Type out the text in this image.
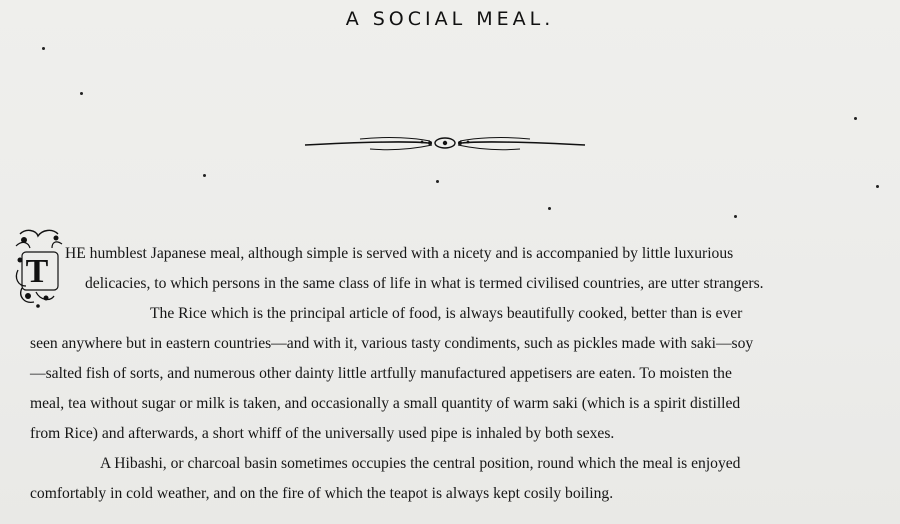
A SOCIAL MEAL.
T HE humblest Japanese meal, although simple is served with a nicety and is accompanied by little luxurious
delicacies, to which persons in the same class of life in what is termed civilised countries, are utter strangers.
The Rice which is the principal article of food, is always beautifully cooked, better than is ever
seen anywhere but in eastern countries—and with it, various tasty condiments, such as pickles made with saki—soy
—salted fish of sorts, and numerous other dainty little artfully manufactured appetisers are eaten. To moisten the
meal, tea without sugar or milk is taken, and occasionally a small quantity of warm saki (which is a spirit distilled
from Rice) and afterwards, a short whiff of the universally used pipe is inhaled by both sexes.
A Hibashi, or charcoal basin sometimes occupies the central position, round which the meal is enjoyed
comfortably in cold weather, and on the fire of which the teapot is always kept cosily boiling.
